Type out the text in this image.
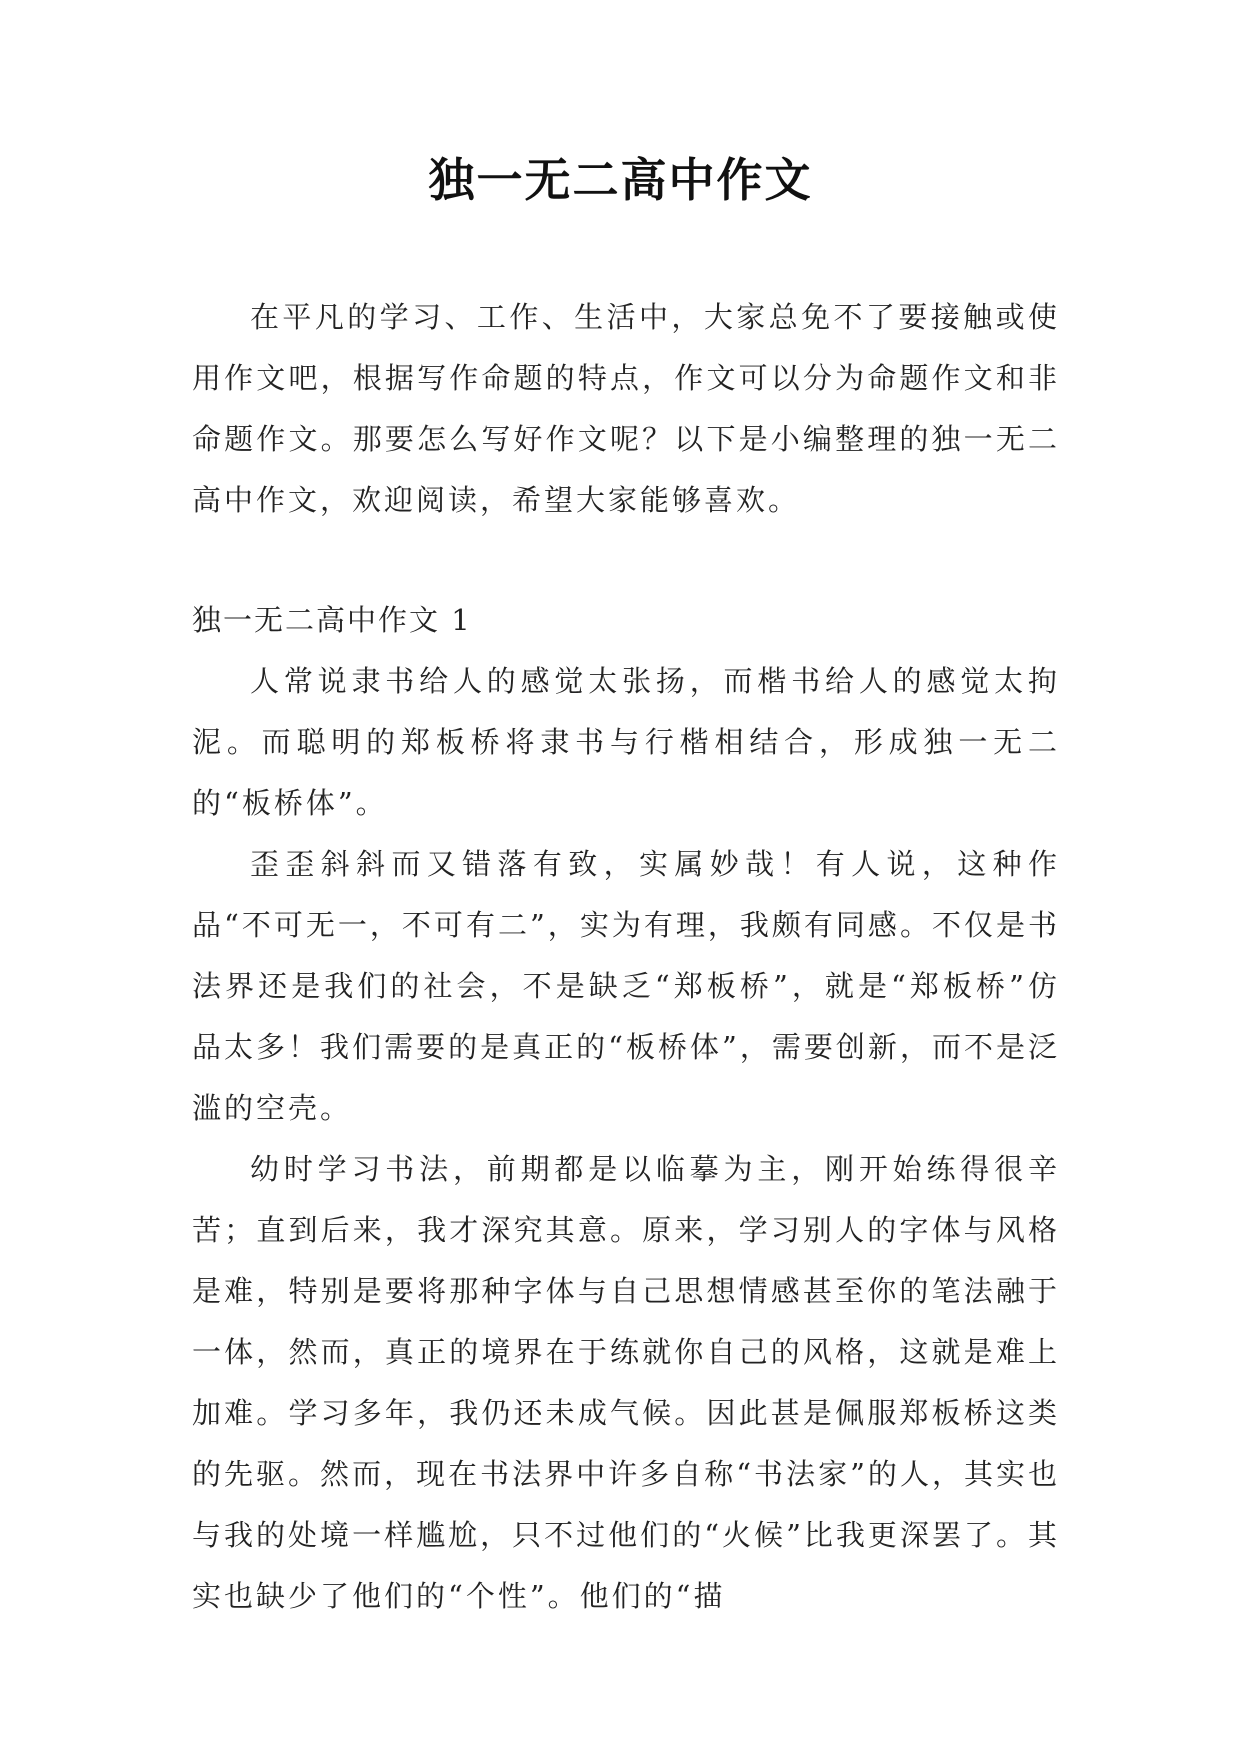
独一无二高中作文

在平凡的学习、工作、生活中，大家总免不了要接触或使用作文吧，根据写作命题的特点，作文可以分为命题作文和非命题作文。那要怎么写好作文呢？以下是小编整理的独一无二高中作文，欢迎阅读，希望大家能够喜欢。

独一无二高中作文 1

人常说隶书给人的感觉太张扬，而楷书给人的感觉太拘泥。而聪明的郑板桥将隶书与行楷相结合，形成独一无二的“板桥体”。

歪歪斜斜而又错落有致，实属妙哉！有人说，这种作品“不可无一，不可有二”，实为有理，我颇有同感。不仅是书法界还是我们的社会，不是缺乏“郑板桥”，就是“郑板桥”仿品太多！我们需要的是真正的“板桥体”，需要创新，而不是泛滥的空壳。

幼时学习书法，前期都是以临摹为主，刚开始练得很辛苦；直到后来，我才深究其意。原来，学习别人的字体与风格是难，特别是要将那种字体与自己思想情感甚至你的笔法融于一体，然而，真正的境界在于练就你自己的风格，这就是难上加难。学习多年，我仍还未成气候。因此甚是佩服郑板桥这类的先驱。然而，现在书法界中许多自称“书法家”的人，其实也与我的处境一样尴尬，只不过他们的“火候”比我更深罢了。其实也缺少了他们的“个性”。他们的“描
